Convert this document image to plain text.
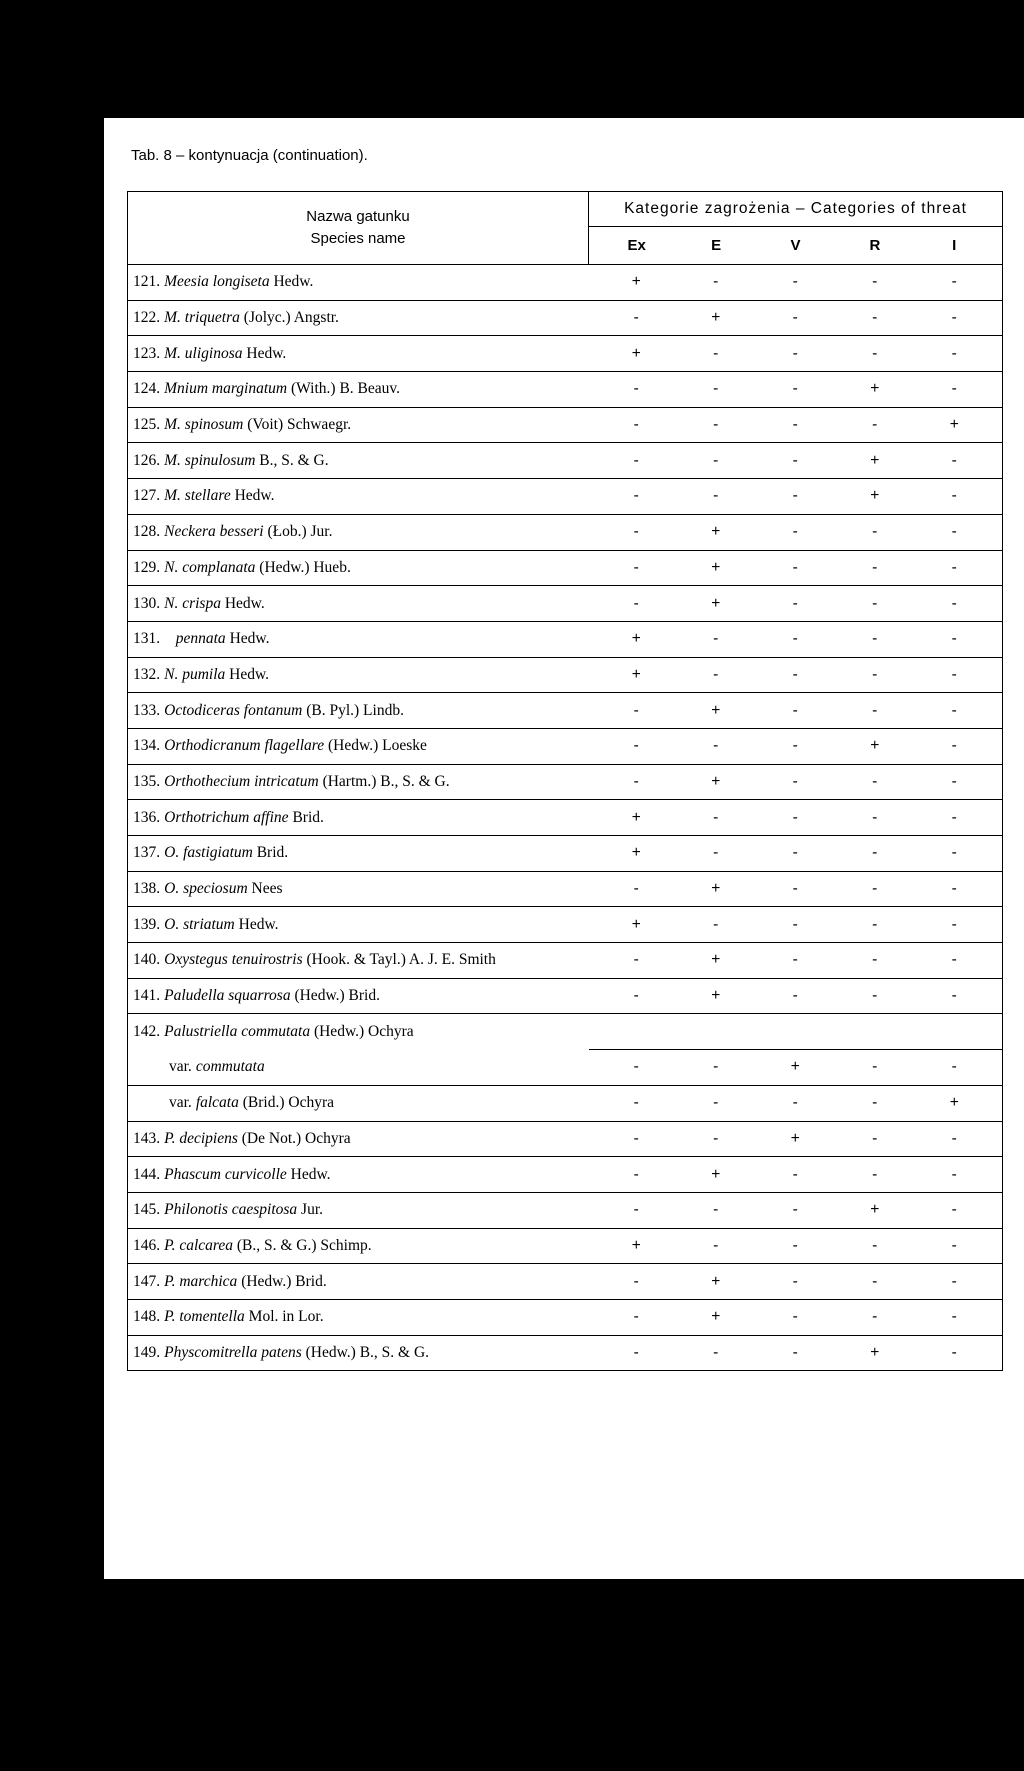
Tab. 8 – kontynuacja (continuation).
Nazwa gatunku
Species name	Kategorie zagrożenia – Categories of threat

	Ex E V R I

121. Meesia longiseta Hedw.	+ - - - -

122. M. triquetra (Jolyc.) Angstr.	- + - - -

123. M. uliginosa Hedw.	+ - - - -

124. Mnium marginatum (With.) B. Beauv.	- - - + -

125. M. spinosum (Voit) Schwaegr.	- - - - +

126. M. spinulosum B., S. & G.	- - - + -

127. M. stellare Hedw.	- - - + -

128. Neckera besseri (Łob.) Jur.	- + - - -

129. N. complanata (Hedw.) Hueb.	- + - - -

130. N. crispa Hedw.	- + - - -

131.   pennata Hedw.	+ - - - -

132. N. pumila Hedw.	+ - - - -

133. Octodiceras fontanum (B. Pyl.) Lindb.	- + - - -

134. Orthodicranum flagellare (Hedw.) Loeske	- - - + -

135. Orthothecium intricatum (Hartm.) B., S. & G.	- + - - -

136. Orthotrichum affine Brid.	+ - - - -

137. O. fastigiatum Brid.	+ - - - -

138. O. speciosum Nees	- + - - -

139. O. striatum Hedw.	+ - - - -

140. Oxystegus tenuirostris (Hook. & Tayl.) A. J. E. Smith	- + - - -

141. Paludella squarrosa (Hedw.) Brid.	- + - - -

142. Palustriella commutata (Hedw.) Ochyra	

var. commutata	- - + - -

var. falcata (Brid.) Ochyra	- - - - +

143. P. decipiens (De Not.) Ochyra	- - + - -

144. Phascum curvicolle Hedw.	- + - - -

145. Philonotis caespitosa Jur.	- - - + -

146. P. calcarea (B., S. & G.) Schimp.	+ - - - -

147. P. marchica (Hedw.) Brid.	- + - - -

148. P. tomentella Mol. in Lor.	- + - - -

149. Physcomitrella patens (Hedw.) B., S. & G.	- - - + -
Objaśnienia: Ex – wymarłe i zaginione, E – wymierające, V – narażone, R – rzadkie, I – o nieokreślonym zagrożeniu.
Explanations: Ex – extinct and probably extinct, E – endangered, V – vulnerable, R – rare, I – indeterminate.
82
